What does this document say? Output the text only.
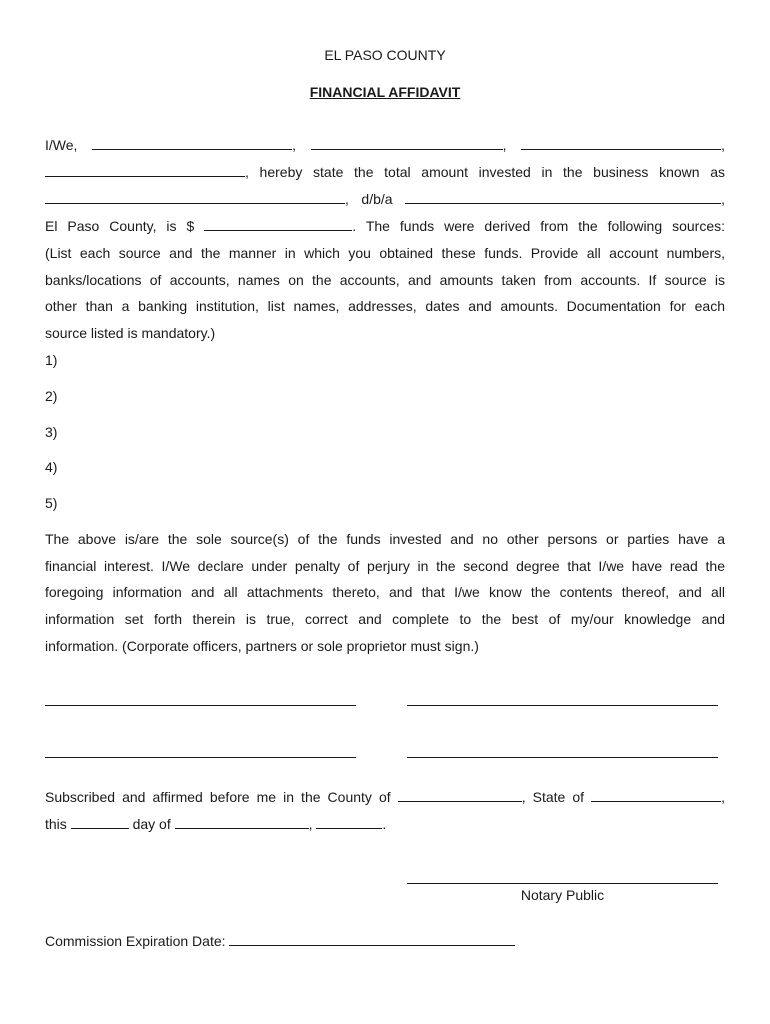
EL PASO COUNTY
FINANCIAL AFFIDAVIT
I/We,	,	,	,
, hereby state the total amount invested in the business known as
, d/b/a	,
El Paso County, is $	. The funds were derived from the following sources:
(List each source and the manner in which you obtained these funds. Provide all account numbers,
banks/locations of accounts, names on the accounts, and amounts taken from accounts. If source is
other than a banking institution, list names, addresses, dates and amounts. Documentation for each
source listed is mandatory.)
1)
2)
3)
4)
5)
The above is/are the sole source(s) of the funds invested and no other persons or parties have a
financial interest. I/We declare under penalty of perjury in the second degree that I/we have read the
foregoing information and all attachments thereto, and that I/we know the contents thereof, and all
information set forth therein is true, correct and complete to the best of my/our knowledge and
information. (Corporate officers, partners or sole proprietor must sign.)
Subscribed and affirmed before me in the County of	, State of	,
this	day of	,	.
Notary Public
Commission Expiration Date:
